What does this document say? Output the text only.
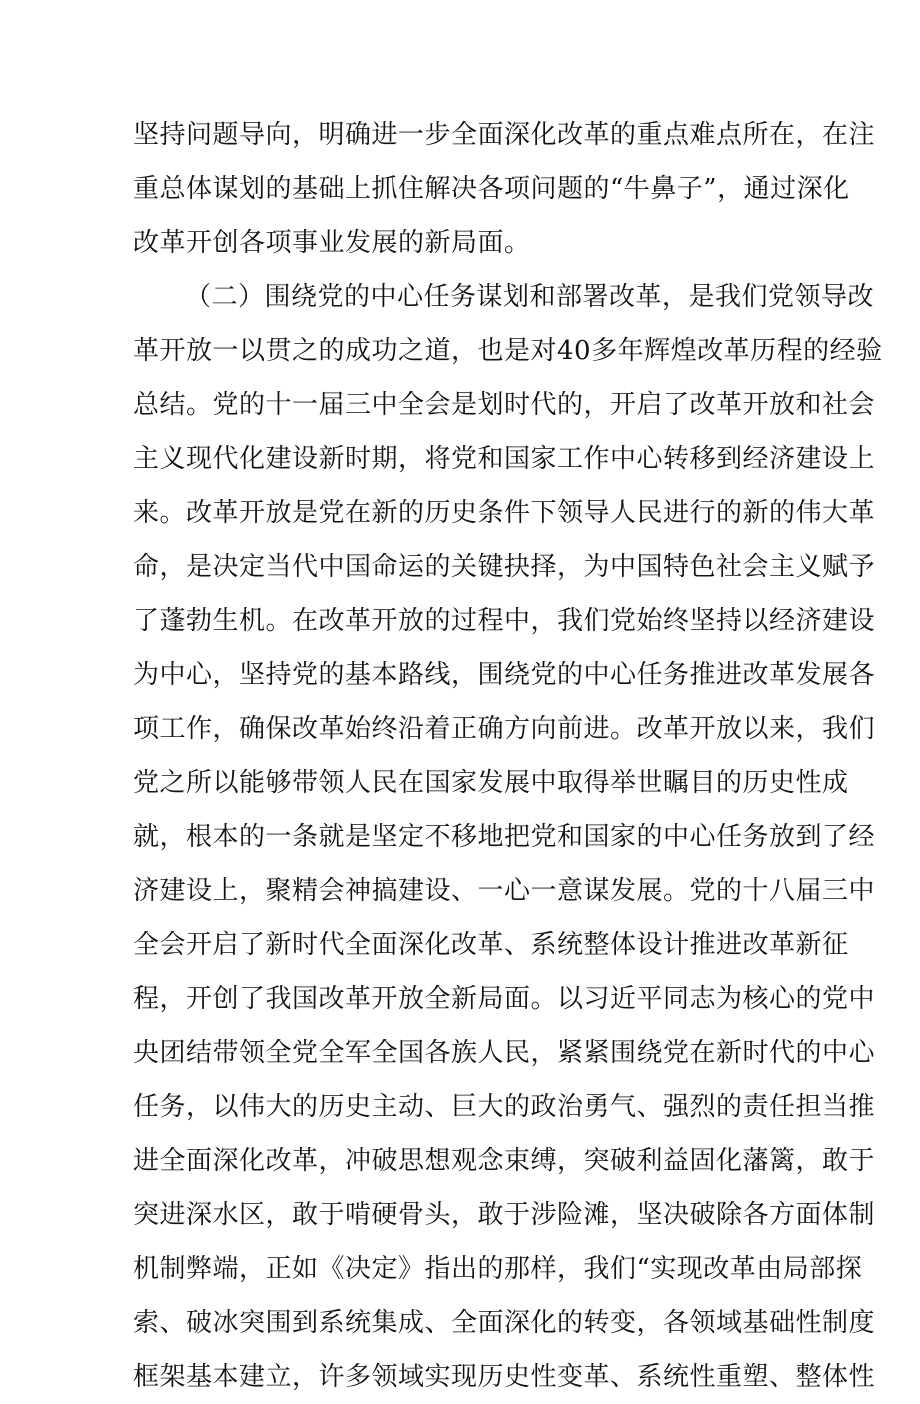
坚持问题导向，明确进一步全面深化改革的重点难点所在，在注
重总体谋划的基础上抓住解决各项问题的“牛鼻子”，通过深化
改革开创各项事业发展的新局面。
（二）围绕党的中心任务谋划和部署改革，是我们党领导改
革开放一以贯之的成功之道，也是对40多年辉煌改革历程的经验
总结。党的十一届三中全会是划时代的，开启了改革开放和社会
主义现代化建设新时期，将党和国家工作中心转移到经济建设上
来。改革开放是党在新的历史条件下领导人民进行的新的伟大革
命，是决定当代中国命运的关键抉择，为中国特色社会主义赋予
了蓬勃生机。在改革开放的过程中，我们党始终坚持以经济建设
为中心，坚持党的基本路线，围绕党的中心任务推进改革发展各
项工作，确保改革始终沿着正确方向前进。改革开放以来，我们
党之所以能够带领人民在国家发展中取得举世瞩目的历史性成
就，根本的一条就是坚定不移地把党和国家的中心任务放到了经
济建设上，聚精会神搞建设、一心一意谋发展。党的十八届三中
全会开启了新时代全面深化改革、系统整体设计推进改革新征
程，开创了我国改革开放全新局面。以习近平同志为核心的党中
央团结带领全党全军全国各族人民，紧紧围绕党在新时代的中心
任务，以伟大的历史主动、巨大的政治勇气、强烈的责任担当推
进全面深化改革，冲破思想观念束缚，突破利益固化藩篱，敢于
突进深水区，敢于啃硬骨头，敢于涉险滩，坚决破除各方面体制
机制弊端，正如《决定》指出的那样，我们“实现改革由局部探
索、破冰突围到系统集成、全面深化的转变，各领域基础性制度
框架基本建立，许多领域实现历史性变革、系统性重塑、整体性
